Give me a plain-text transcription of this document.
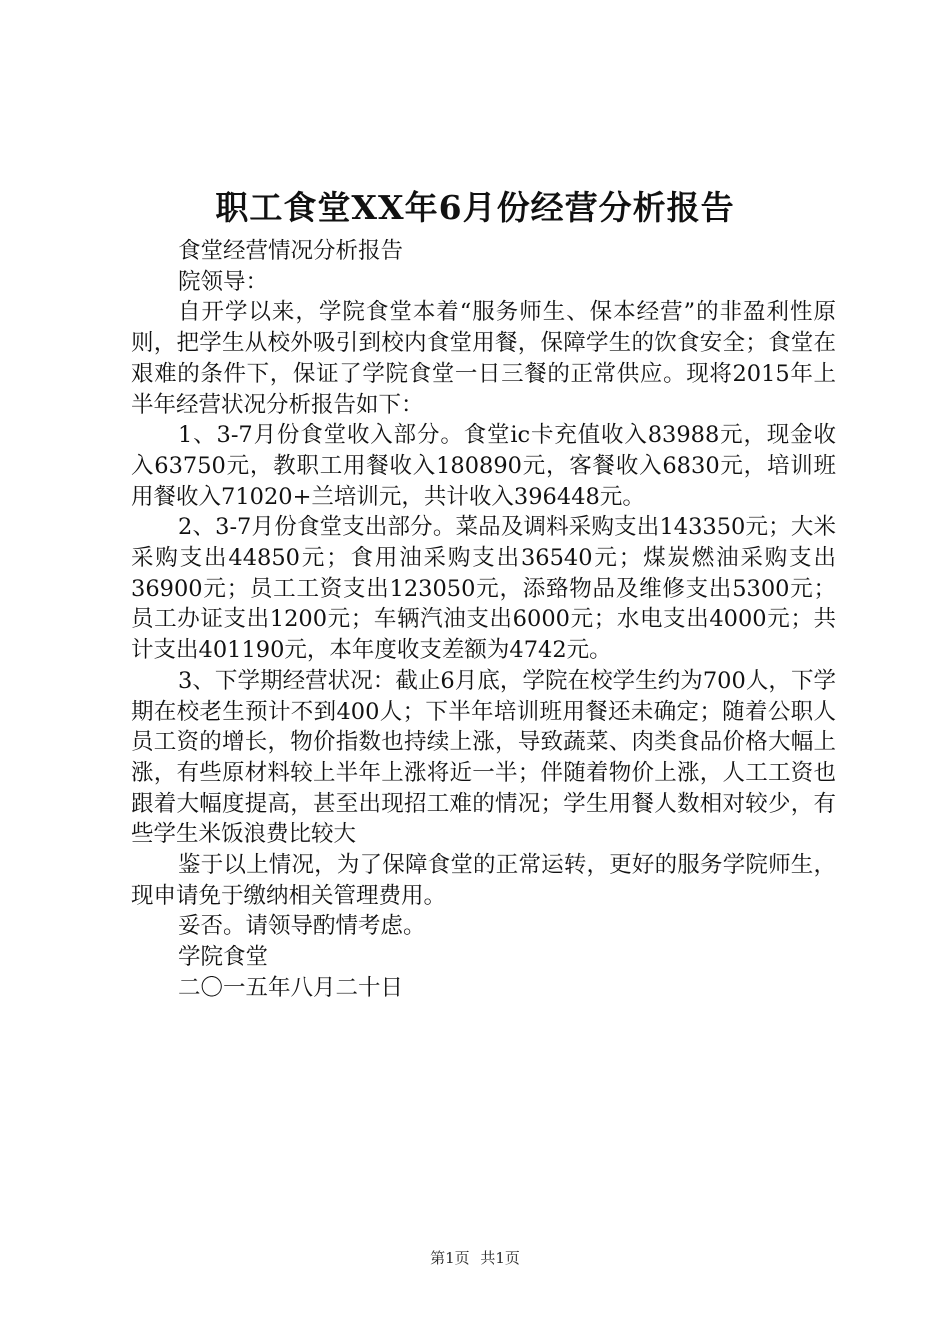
职工食堂XX年6月份经营分析报告

食堂经营情况分析报告

院领导：

自开学以来，学院食堂本着“服务师生、保本经营”的非盈利性原则，把学生从校外吸引到校内食堂用餐，保障学生的饮食安全；食堂在艰难的条件下，保证了学院食堂一日三餐的正常供应。现将2015年上半年经营状况分析报告如下：

1、3-7月份食堂收入部分。食堂ic卡充值收入83988元，现金收入63750元，教职工用餐收入180890元，客餐收入6830元，培训班用餐收入71020+兰培训元，共计收入396448元。

2、3-7月份食堂支出部分。菜品及调料采购支出143350元；大米采购支出44850元；食用油采购支出36540元；煤炭燃油采购支出36900元；员工工资支出123050元，添臵物品及维修支出5300元；员工办证支出1200元；车辆汽油支出6000元；水电支出4000元；共计支出401190元，本年度收支差额为4742元。

3、下学期经营状况：截止6月底，学院在校学生约为700人，下学期在校老生预计不到400人；下半年培训班用餐还未确定；随着公职人员工资的增长，物价指数也持续上涨，导致蔬菜、肉类食品价格大幅上涨，有些原材料较上半年上涨将近一半；伴随着物价上涨，人工工资也跟着大幅度提高，甚至出现招工难的情况；学生用餐人数相对较少，有些学生米饭浪费比较大

鉴于以上情况，为了保障食堂的正常运转，更好的服务学院师生，现申请免于缴纳相关管理费用。

妥否。请领导酌情考虑。

学院食堂

二〇一五年八月二十日

第1页 共1页
